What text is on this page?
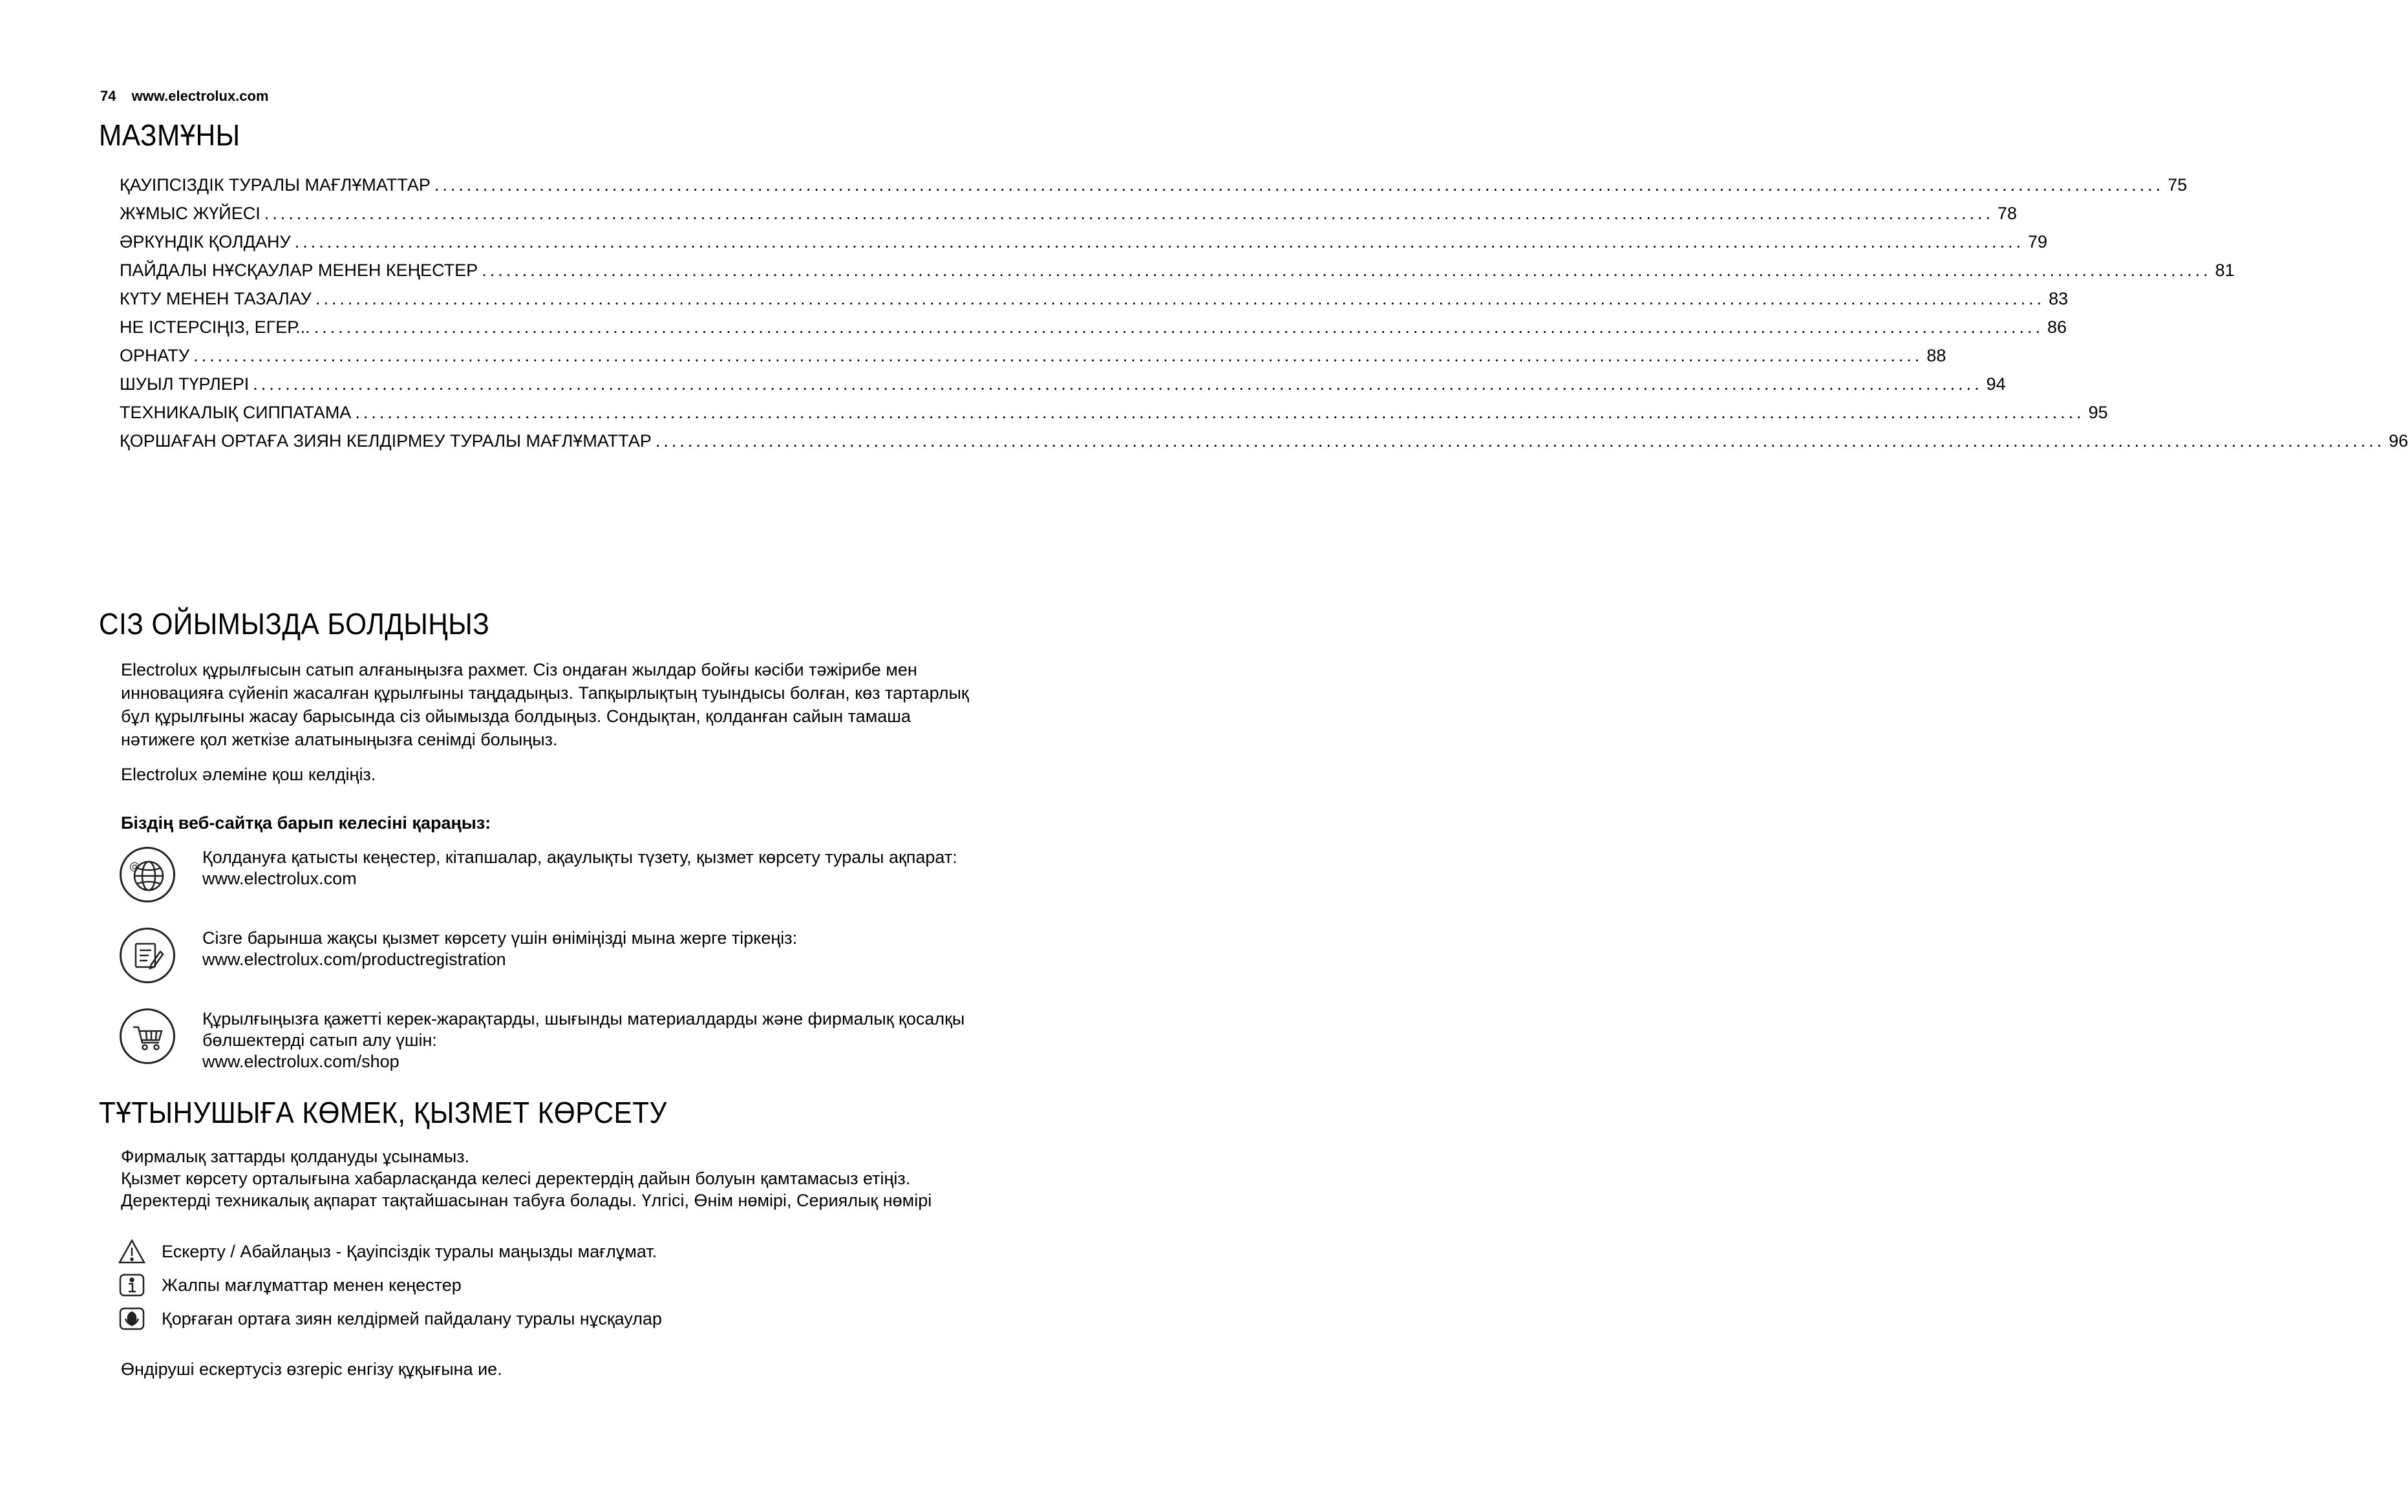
74 www.electrolux.com
МАЗМҰНЫ
ҚАУІПСІЗДІК ТУРАЛЫ МАҒЛҰМАТТАР ...................................................................................................................................................................................................................... 75
ЖҰМЫС ЖҮЙЕСІ ...................................................................................................................................................................................................................... 78
ӘРКҮНДІК ҚОЛДАНУ ...................................................................................................................................................................................................................... 79
ПАЙДАЛЫ НҰСҚАУЛАР МЕНЕН КЕҢЕСТЕР ...................................................................................................................................................................................................................... 81
КҮТУ МЕНЕН ТАЗАЛАУ ...................................................................................................................................................................................................................... 83
НЕ ІСТЕРСІҢІЗ, ЕГЕР... ...................................................................................................................................................................................................................... 86
ОРНАТУ ...................................................................................................................................................................................................................... 88
ШУЫЛ ТҮРЛЕРІ ...................................................................................................................................................................................................................... 94
ТЕХНИКАЛЫҚ СИППАТАМА ...................................................................................................................................................................................................................... 95
ҚОРШАҒАН ОРТАҒА ЗИЯН КЕЛДІРМЕУ ТУРАЛЫ МАҒЛҰМАТТАР ...................................................................................................................................................................................................................... 96
СІЗ ОЙЫМЫЗДА БОЛДЫҢЫЗ
Electrolux құрылғысын сатып алғаныңызға рахмет. Сіз ондаған жылдар бойғы кәсіби тәжірибе мен инновацияға сүйеніп жасалған құрылғыны таңдадыңыз. Тапқырлықтың туындысы болған, көз тартарлық бұл құрылғыны жасау барысында сіз ойымызда болдыңыз. Сондықтан, қолданған сайын тамаша нәтижеге қол жеткізе алатыныңызға сенімді болыңыз.
Electrolux әлеміне қош келдіңіз.
Біздің веб-сайтқа барып келесіні қараңыз:
@	Қолдануға қатысты кеңестер, кітапшалар, ақаулықты түзету, қызмет көрсету туралы ақпарат:
www.electrolux.com
Сізге барынша жақсы қызмет көрсету үшін өніміңізді мына жерге тіркеңіз:
www.electrolux.com/productregistration
Құрылғыңызға қажетті керек-жарақтарды, шығынды материалдарды және фирмалық қосалқы бөлшектерді сатып алу үшін:
www.electrolux.com/shop
ТҰТЫНУШЫҒА КӨМЕК, ҚЫЗМЕТ КӨРСЕТУ
Фирмалық заттарды қолдануды ұсынамыз.
Қызмет көрсету орталығына хабарласқанда келесі деректердің дайын болуын қамтамасыз етіңіз.
Деректерді техникалық ақпарат тақтайшасынан табуға болады. Үлгісі, Өнім нөмірі, Сериялық нөмірі
Ескерту / Абайлаңыз - Қауіпсіздік туралы маңызды мағлұмат.
Жалпы мағлұматтар менен кеңестер
Қорғаған ортаға зиян келдірмей пайдалану туралы нұсқаулар
Өндіруші ескертусіз өзгеріс енгізу құқығына ие.
